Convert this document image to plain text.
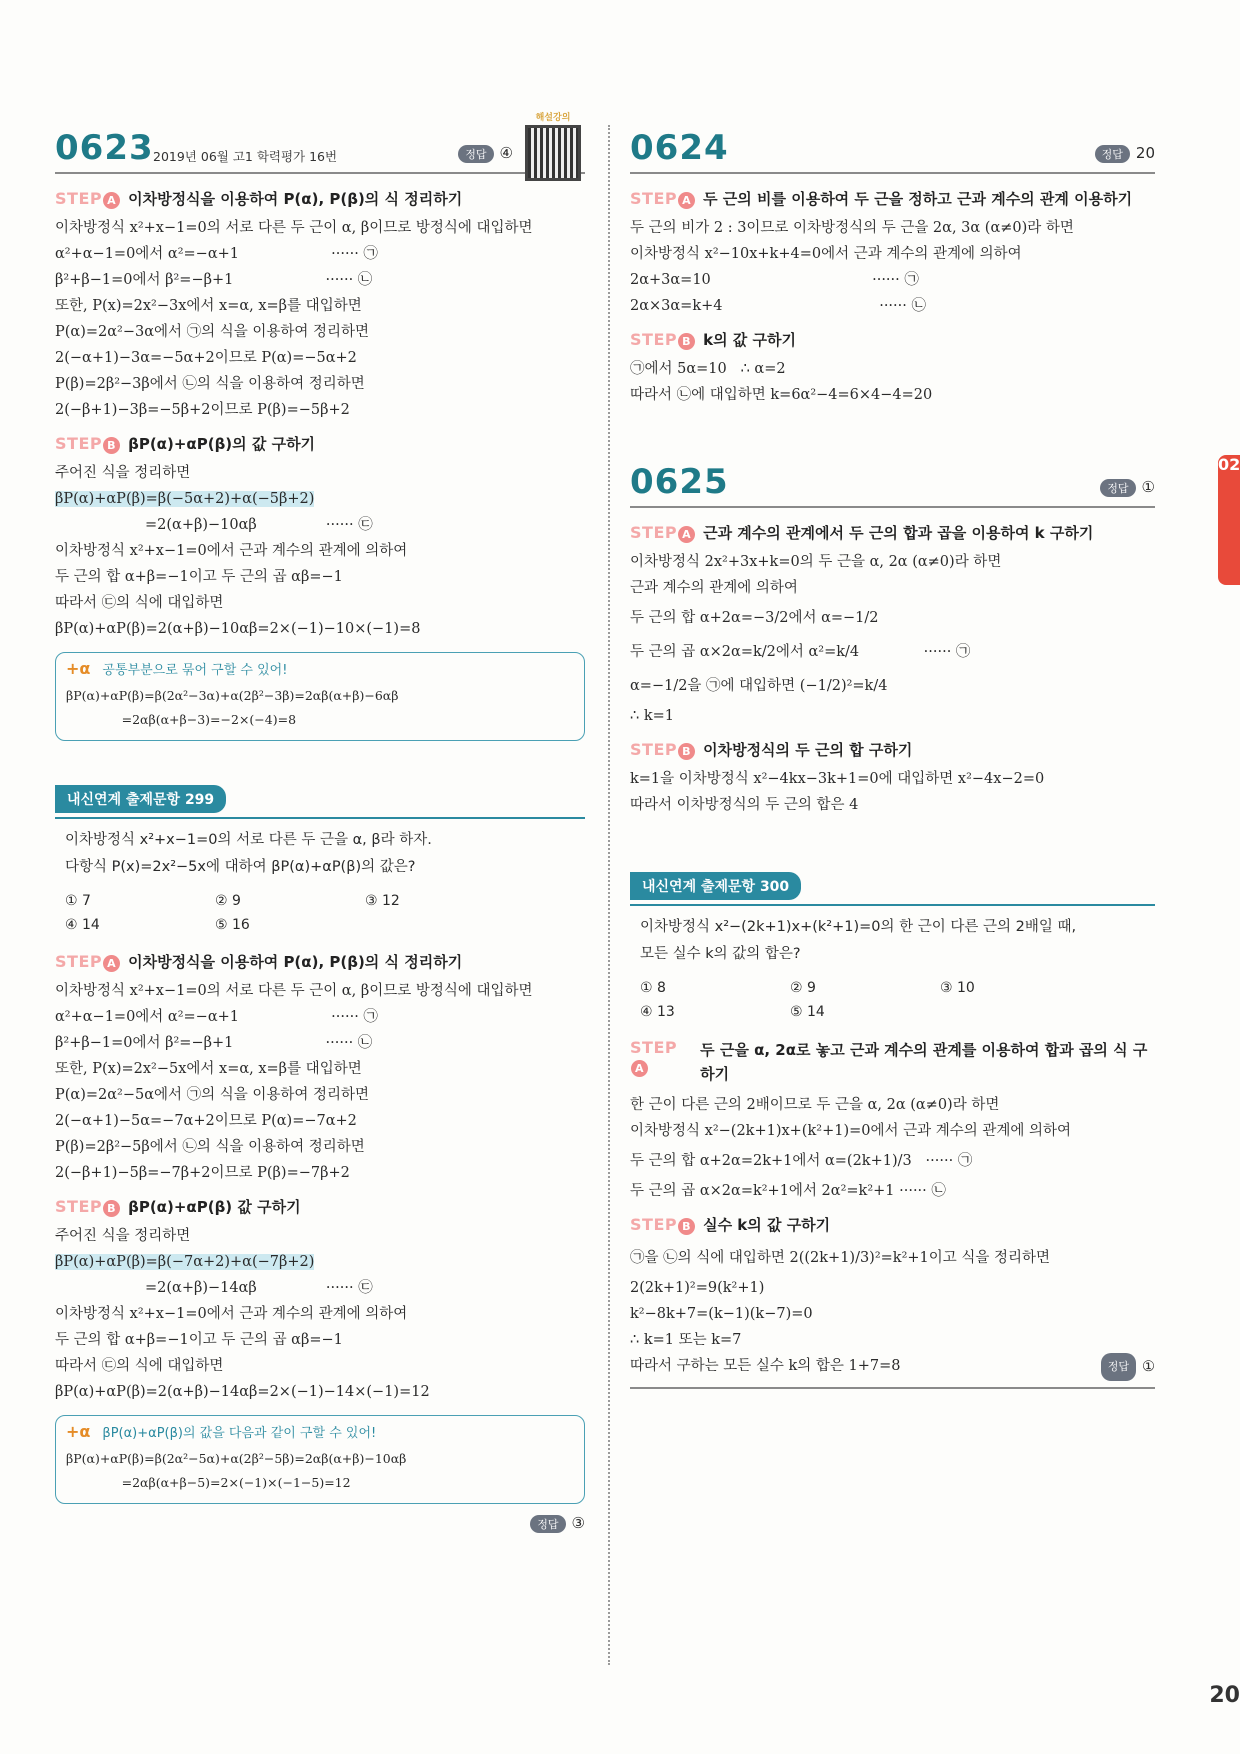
0623 2019년 06월 고1 학력평가 16번	정답 ④
해설강의
STEP A 이차방정식을 이용하여 P(α), P(β)의 식 정리하기
이차방정식 x²+x−1=0의 서로 다른 두 근이 α, β이므로 방정식에 대입하면
α²+α−1=0에서 α²=−α+1                    ······ ㉠
β²+β−1=0에서 β²=−β+1                    ······ ㉡
또한, P(x)=2x²−3x에서 x=α, x=β를 대입하면
P(α)=2α²−3α에서 ㉠의 식을 이용하여 정리하면
2(−α+1)−3α=−5α+2이므로 P(α)=−5α+2
P(β)=2β²−3β에서 ㉡의 식을 이용하여 정리하면
2(−β+1)−3β=−5β+2이므로 P(β)=−5β+2
STEP B βP(α)+αP(β)의 값 구하기
주어진 식을 정리하면
βP(α)+αP(β)=β(−5α+2)+α(−5β+2)
=2(α+β)−10αβ               ······ ㉢
이차방정식 x²+x−1=0에서 근과 계수의 관계에 의하여
두 근의 합 α+β=−1이고 두 근의 곱 αβ=−1
따라서 ㉢의 식에 대입하면
βP(α)+αP(β)=2(α+β)−10αβ=2×(−1)−10×(−1)=8
+α 공통부분으로 묶어 구할 수 있어!
βP(α)+αP(β)=β(2α²−3α)+α(2β²−3β)=2αβ(α+β)−6αβ
=2αβ(α+β−3)=−2×(−4)=8
내신연계 출제문항 299
이차방정식 x²+x−1=0의 서로 다른 두 근을 α, β라 하자.
다항식 P(x)=2x²−5x에 대하여 βP(α)+αP(β)의 값은?
① 7	② 9	③ 12
④ 14	⑤ 16
STEP A 이차방정식을 이용하여 P(α), P(β)의 식 정리하기
이차방정식 x²+x−1=0의 서로 다른 두 근이 α, β이므로 방정식에 대입하면
α²+α−1=0에서 α²=−α+1                    ······ ㉠
β²+β−1=0에서 β²=−β+1                    ······ ㉡
또한, P(x)=2x²−5x에서 x=α, x=β를 대입하면
P(α)=2α²−5α에서 ㉠의 식을 이용하여 정리하면
2(−α+1)−5α=−7α+2이므로 P(α)=−7α+2
P(β)=2β²−5β에서 ㉡의 식을 이용하여 정리하면
2(−β+1)−5β=−7β+2이므로 P(β)=−7β+2
STEP B βP(α)+αP(β) 값 구하기
주어진 식을 정리하면
βP(α)+αP(β)=β(−7α+2)+α(−7β+2)
=2(α+β)−14αβ               ······ ㉢
이차방정식 x²+x−1=0에서 근과 계수의 관계에 의하여
두 근의 합 α+β=−1이고 두 근의 곱 αβ=−1
따라서 ㉢의 식에 대입하면
βP(α)+αP(β)=2(α+β)−14αβ=2×(−1)−14×(−1)=12
+α βP(α)+αP(β)의 값을 다음과 같이 구할 수 있어!
βP(α)+αP(β)=β(2α²−5α)+α(2β²−5β)=2αβ(α+β)−10αβ
=2αβ(α+β−5)=2×(−1)×(−1−5)=12
정답 ③
0624	정답 20
STEP A 두 근의 비를 이용하여 두 근을 정하고 근과 계수의 관계 이용하기
두 근의 비가 2 : 3이므로 이차방정식의 두 근을 2α, 3α (α≠0)라 하면
이차방정식 x²−10x+k+4=0에서 근과 계수의 관계에 의하여
2α+3α=10                                   ······ ㉠
2α×3α=k+4                                  ······ ㉡
STEP B k의 값 구하기
㉠에서 5α=10   ∴ α=2
따라서 ㉡에 대입하면 k=6α²−4=6×4−4=20
0625	정답 ①
STEP A 근과 계수의 관계에서 두 근의 합과 곱을 이용하여 k 구하기
이차방정식 2x²+3x+k=0의 두 근을 α, 2α (α≠0)라 하면
근과 계수의 관계에 의하여
두 근의 합 α+2α=−3/2에서 α=−1/2
두 근의 곱 α×2α=k/2에서 α²=k/4              ······ ㉠
α=−1/2을 ㉠에 대입하면 (−1/2)²=k/4
∴ k=1
STEP B 이차방정식의 두 근의 합 구하기
k=1을 이차방정식 x²−4kx−3k+1=0에 대입하면 x²−4x−2=0
따라서 이차방정식의 두 근의 합은 4
내신연계 출제문항 300
이차방정식 x²−(2k+1)x+(k²+1)=0의 한 근이 다른 근의 2배일 때,
모든 실수 k의 값의 합은?
① 8	② 9	③ 10
④ 13	⑤ 14
STEPA
두 근을 α, 2α로 놓고 근과 계수의 관계를 이용하여 합과 곱의 식 구하기
한 근이 다른 근의 2배이므로 두 근을 α, 2α (α≠0)라 하면
이차방정식 x²−(2k+1)x+(k²+1)=0에서 근과 계수의 관계에 의하여
두 근의 합 α+2α=2k+1에서 α=(2k+1)/3   ······ ㉠
두 근의 곱 α×2α=k²+1에서 2α²=k²+1 ······ ㉡
STEP B 실수 k의 값 구하기
㉠을 ㉡의 식에 대입하면 2((2k+1)/3)²=k²+1이고 식을 정리하면
2(2k+1)²=9(k²+1)
k²−8k+7=(k−1)(k−7)=0
∴ k=1 또는 k=7
따라서 구하는 모든 실수 k의 합은 1+7=8	정답 ①
02
20
